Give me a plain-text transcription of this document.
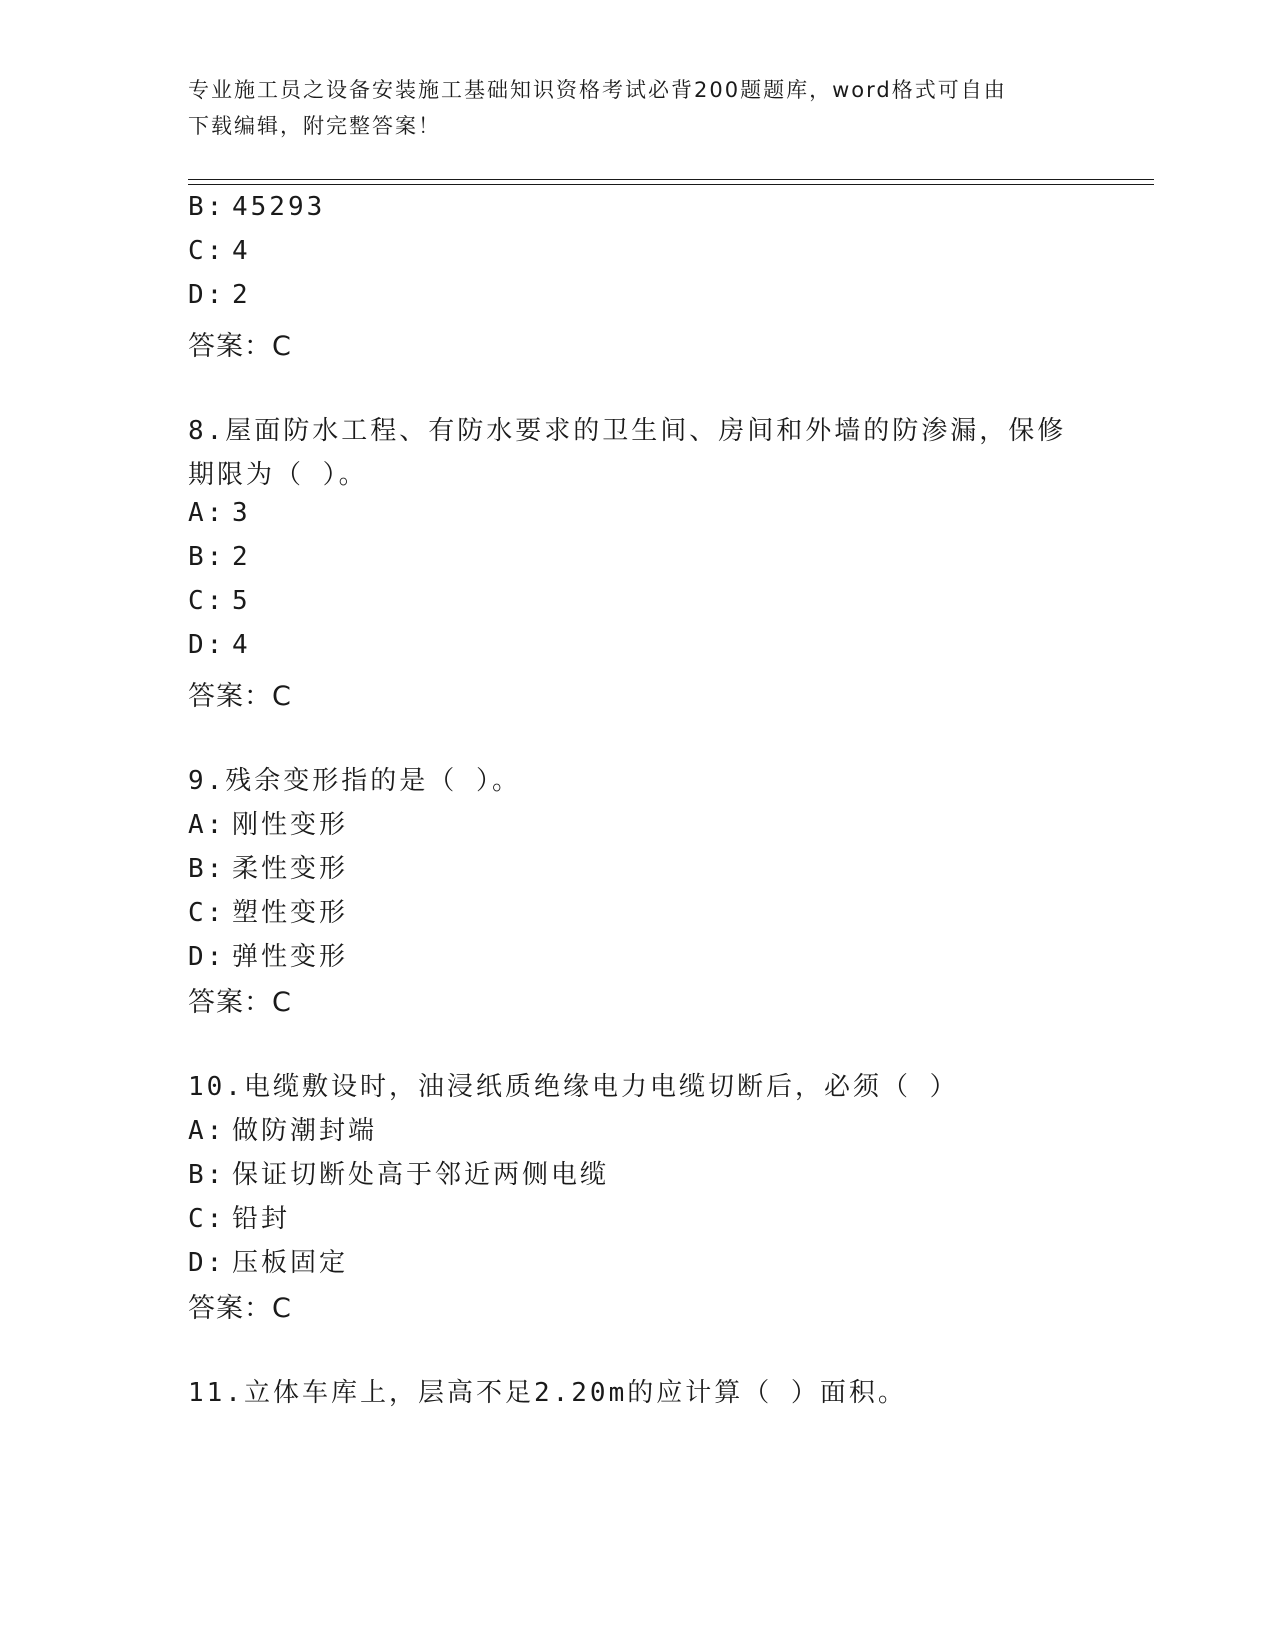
专业施工员之设备安装施工基础知识资格考试必背200题题库，word格式可自由
下载编辑，附完整答案！
B: 45293
C: 4
D: 2
答案：C
8.屋面防水工程、有防水要求的卫生间、房间和外墙的防渗漏，保修
期限为（ ）。
A: 3
B: 2
C: 5
D: 4
答案：C
9.残余变形指的是（ ）。
A: 刚性变形
B: 柔性变形
C: 塑性变形
D: 弹性变形
答案：C
10.电缆敷设时，油浸纸质绝缘电力电缆切断后，必须（ ）
A: 做防潮封端
B: 保证切断处高于邻近两侧电缆
C: 铅封
D: 压板固定
答案：C
11.立体车库上，层高不足2.20m的应计算（ ）面积。
